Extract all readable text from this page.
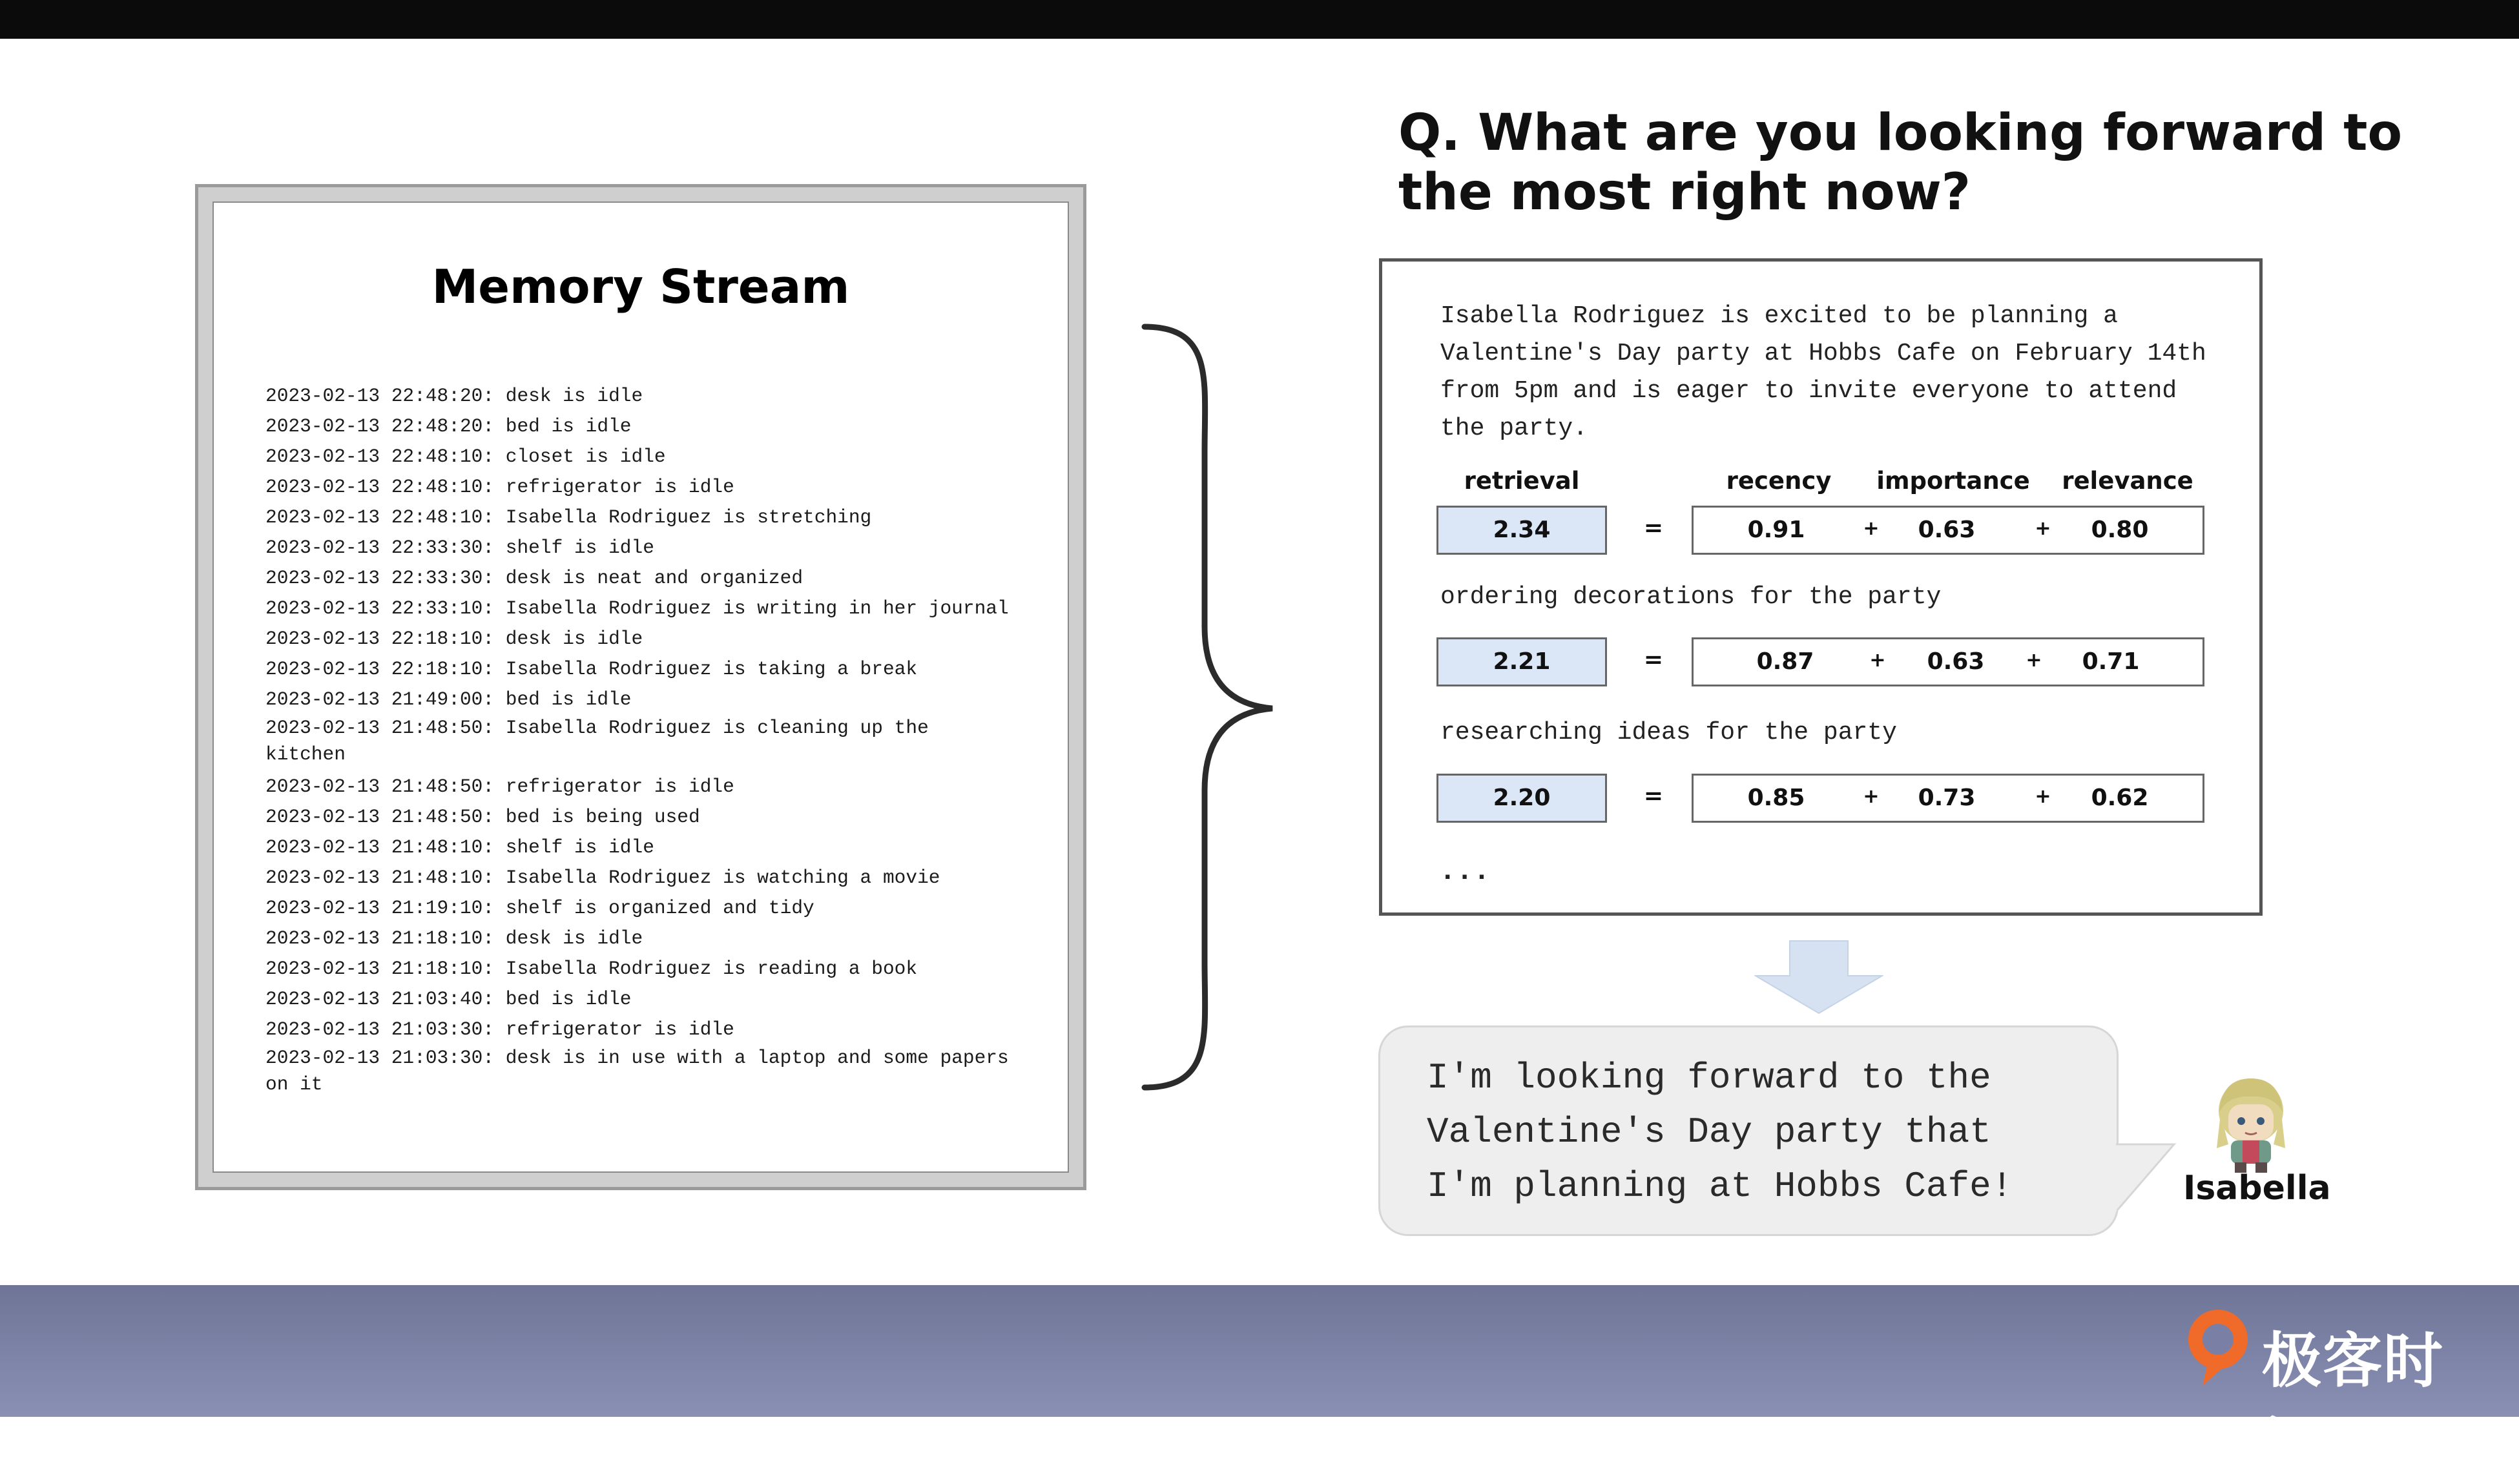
Memory Stream

2023-02-13 22:48:20: desk is idle

2023-02-13 22:48:20: bed is idle

2023-02-13 22:48:10: closet is idle

2023-02-13 22:48:10: refrigerator is idle

2023-02-13 22:48:10: Isabella Rodriguez is stretching

2023-02-13 22:33:30: shelf is idle

2023-02-13 22:33:30: desk is neat and organized

2023-02-13 22:33:10: Isabella Rodriguez is writing in her journal

2023-02-13 22:18:10: desk is idle

2023-02-13 22:18:10: Isabella Rodriguez is taking a break

2023-02-13 21:49:00: bed is idle

2023-02-13 21:48:50: Isabella Rodriguez is cleaning up the
kitchen

2023-02-13 21:48:50: refrigerator is idle

2023-02-13 21:48:50: bed is being used

2023-02-13 21:48:10: shelf is idle

2023-02-13 21:48:10: Isabella Rodriguez is watching a movie

2023-02-13 21:19:10: shelf is organized and tidy

2023-02-13 21:18:10: desk is idle

2023-02-13 21:18:10: Isabella Rodriguez is reading a book

2023-02-13 21:03:40: bed is idle

2023-02-13 21:03:30: refrigerator is idle

2023-02-13 21:03:30: desk is in use with a laptop and some papers
on it

Q. What are you looking forward to the most right now?
Isabella Rodriguez is excited to be planning a Valentine's Day party at Hobbs Cafe on February 14th from 5pm and is eager to invite everyone to attend the party.
retrieval	recency	importance	relevance
2.34	=	0.91	+	0.63	+	0.80
ordering decorations for the party
2.21	=	0.87	+	0.63	+	0.71
researching ideas for the party
2.20	=	0.85	+	0.73	+	0.62
...
I'm looking forward to the
Valentine's Day party that
I'm planning at Hobbs Cafe!	Isabella
极客时间
